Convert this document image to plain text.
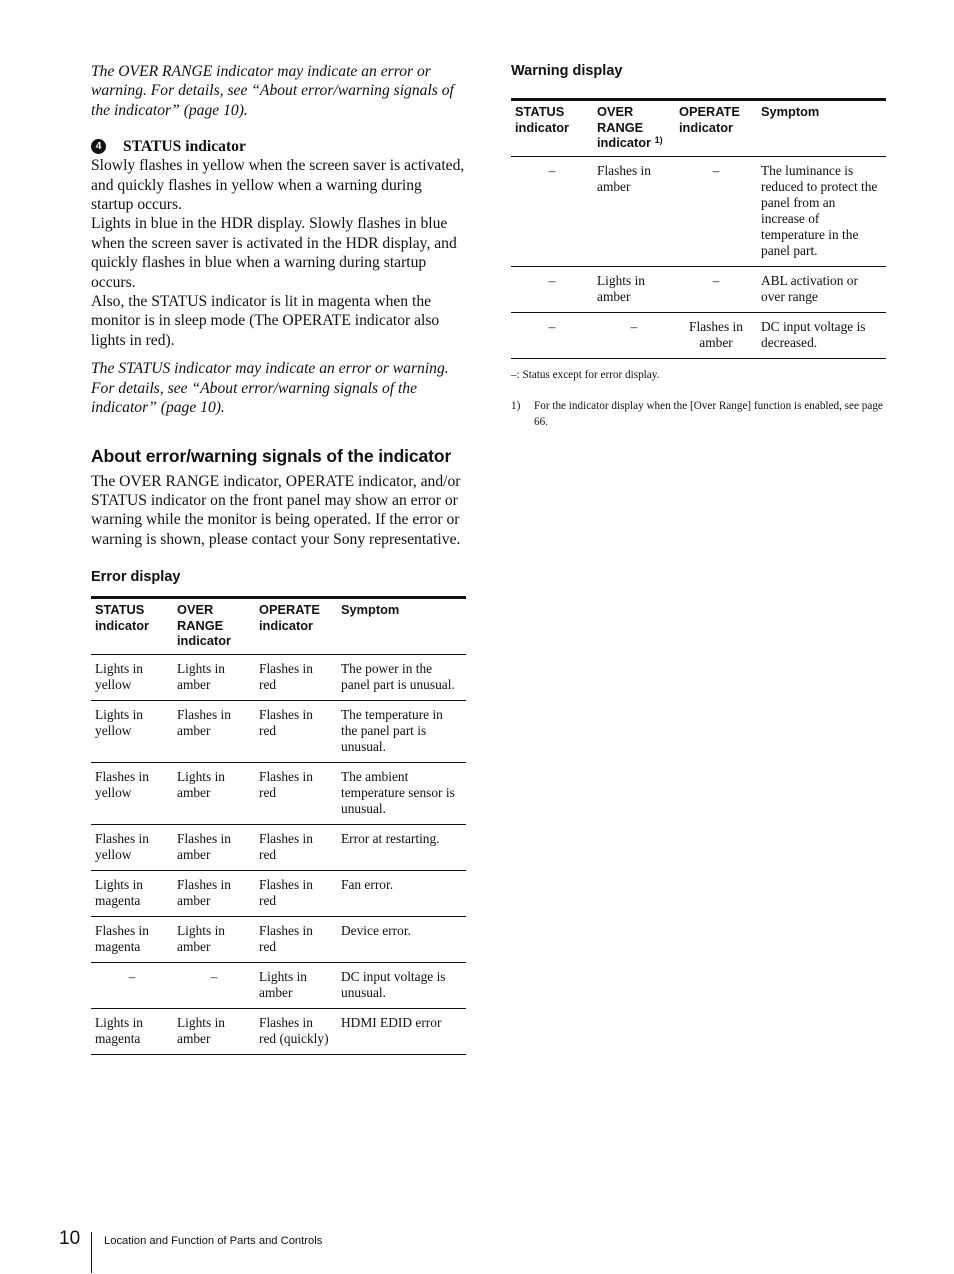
The OVER RANGE indicator may indicate an error or warning. For details, see “About error/warning signals of the indicator” (page 10).

4 STATUS indicator

Slowly flashes in yellow when the screen saver is activated, and quickly flashes in yellow when a warning during startup occurs.

Lights in blue in the HDR display. Slowly flashes in blue when the screen saver is activated in the HDR display, and quickly flashes in blue when a warning during startup occurs.

Also, the STATUS indicator is lit in magenta when the monitor is in sleep mode (The OPERATE indicator also lights in red).

The STATUS indicator may indicate an error or warning. For details, see “About error/warning signals of the indicator” (page 10).

About error/warning signals of the indicator

The OVER RANGE indicator, OPERATE indicator, and/or STATUS indicator on the front panel may show an error or warning while the monitor is being operated. If the error or warning is shown, please contact your Sony representative.

Error display
STATUS indicator	OVER RANGE indicator	OPERATE indicator	Symptom
Lights in yellow	Lights in amber	Flashes in red	The power in the panel part is unusual.
Lights in yellow	Flashes in amber	Flashes in red	The temperature in the panel part is unusual.
Flashes in yellow	Lights in amber	Flashes in red	The ambient temperature sensor is unusual.
Flashes in yellow	Flashes in amber	Flashes in red	Error at restarting.
Lights in magenta	Flashes in amber	Flashes in red	Fan error.
Flashes in magenta	Lights in amber	Flashes in red	Device error.
–	–	Lights in amber	DC input voltage is unusual.
Lights in magenta	Lights in amber	Flashes in red (quickly)	HDMI EDID error
Warning display
STATUS indicator	OVER RANGE indicator $^{1)}$	OPERATE indicator	Symptom
–	Flashes in amber	–	The luminance is reduced to protect the panel from an increase of temperature in the panel part.
–	Lights in amber	–	ABL activation or over range
–	–	Flashes in amber	DC input voltage is decreased.
–: Status except for error display.
1)	For the indicator display when the [Over Range] function is enabled, see page 66.
10 Location and Function of Parts and Controls
